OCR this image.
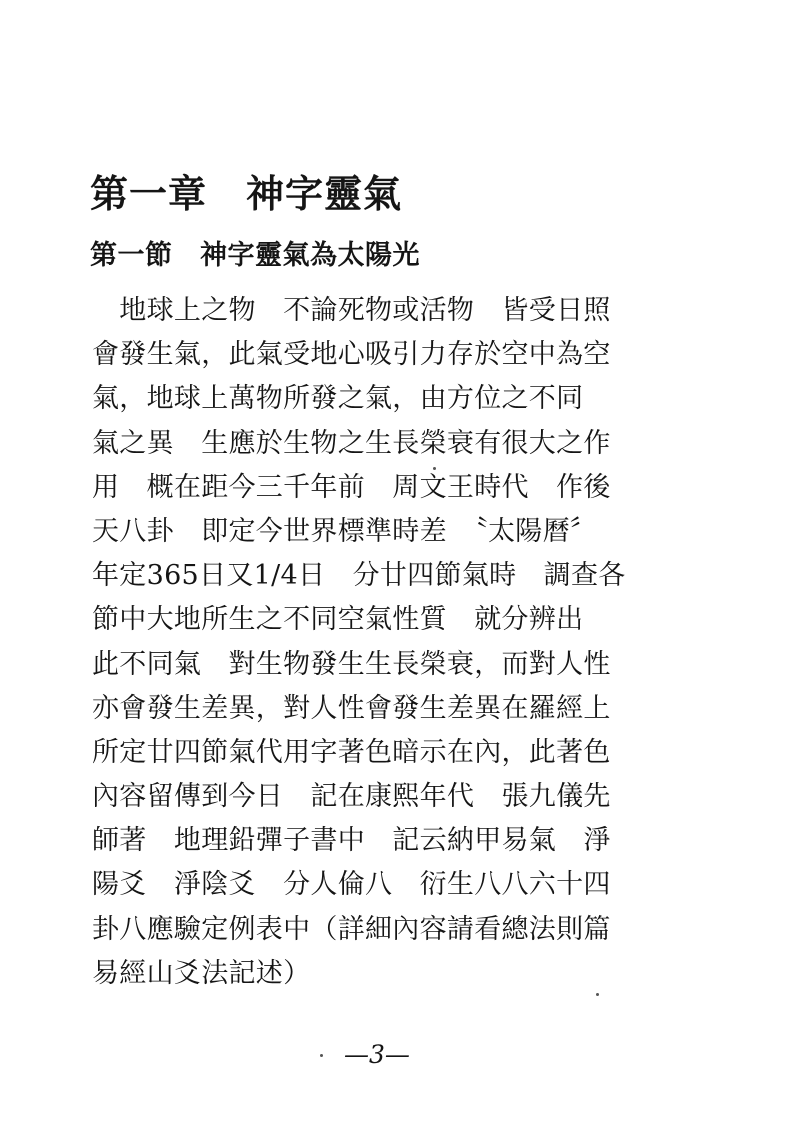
第一章　神字靈氣
第一節　神字靈氣為太陽光
　地球上之物　不論死物或活物　皆受日照
會發生氣，此氣受地心吸引力存於空中為空
氣，地球上萬物所發之氣，由方位之不同
氣之異　生應於生物之生長榮衰有很大之作
用　概在距今三千年前　周文王時代　作後
天八卦　即定今世界標準時差　〝太陽曆〞
年定365日又1/4日　分廿四節氣時　調查各
節中大地所生之不同空氣性質　就分辨出
此不同氣　對生物發生生長榮衰，而對人性
亦會發生差異，對人性會發生差異在羅經上
所定廿四節氣代用字著色暗示在內，此著色
內容留傳到今日　記在康熙年代　張九儀先
師著　地理鉛彈子書中　記云納甲易氣　淨
陽爻　淨陰爻　分人倫八　衍生八八六十四
卦八應驗定例表中（詳細內容請看總法則篇
易經山爻法記述）
—3—
